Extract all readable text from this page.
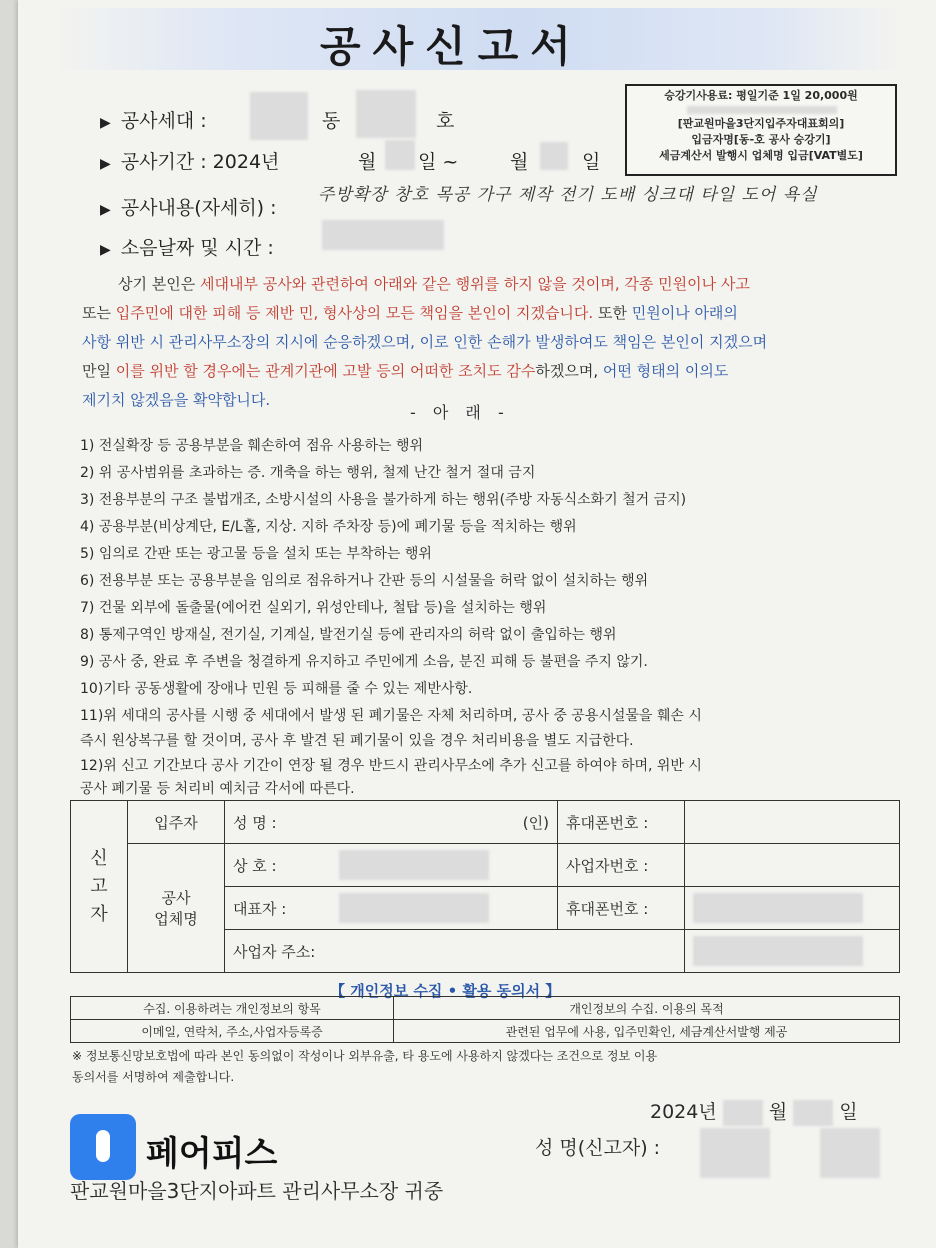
공사신고서
승강기사용료: 평일기준 1일 20,000원
[판교원마을3단지입주자대표회의]
입금자명[동-호 공사 승강기]
세금계산서 발행시 업체명 입금[VAT별도]
▶ 공사세대 :	동	호
▶ 공사기간 : 2024년	월 일 ~	월	일
▶ 공사내용(자세히) :
주방확장 창호 목공 가구 제작 전기 도배 싱크대 타일 도어 욕실
▶ 소음날짜 및 시간 :
상기 본인은 세대내부 공사와 관련하여 아래와 같은 행위를 하지 않을 것이며, 각종 민원이나 사고
또는 입주민에 대한 피해 등 제반 민, 형사상의 모든 책임을 본인이 지겠습니다. 또한 민원이나 아래의
사항 위반 시 관리사무소장의 지시에 순응하겠으며, 이로 인한 손해가 발생하여도 책임은 본인이 지겠으며
만일 이를 위반 할 경우에는 관계기관에 고발 등의 어떠한 조치도 감수하겠으며, 어떤 형태의 이의도
제기치 않겠음을 확약합니다.
- 아 래 -
1) 전실확장 등 공용부분을 훼손하여 점유 사용하는 행위
2) 위 공사범위를 초과하는 증. 개축을 하는 행위, 철제 난간 철거 절대 금지
3) 전용부분의 구조 불법개조, 소방시설의 사용을 불가하게 하는 행위(주방 자동식소화기 철거 금지)
4) 공용부분(비상계단, E/L홀, 지상. 지하 주차장 등)에 폐기물 등을 적치하는 행위
5) 임의로 간판 또는 광고물 등을 설치 또는 부착하는 행위
6) 전용부분 또는 공용부분을 임의로 점유하거나 간판 등의 시설물을 허락 없이 설치하는 행위
7) 건물 외부에 돌출물(에어컨 실외기, 위성안테나, 철탑 등)을 설치하는 행위
8) 통제구역인 방재실, 전기실, 기계실, 발전기실 등에 관리자의 허락 없이 출입하는 행위
9) 공사 중, 완료 후 주변을 청결하게 유지하고 주민에게 소음, 분진 피해 등 불편을 주지 않기.
10)기타 공동생활에 장애나 민원 등 피해를 줄 수 있는 제반사항.
11)위 세대의 공사를 시행 중 세대에서 발생 된 폐기물은 자체 처리하며, 공사 중 공용시설물을 훼손 시
즉시 원상복구를 할 것이며, 공사 후 발견 된 폐기물이 있을 경우 처리비용을 별도 지급한다.
12)위 신고 기간보다 공사 기간이 연장 될 경우 반드시 관리사무소에 추가 신고를 하여야 하며, 위반 시
공사 폐기물 등 처리비 예치금 각서에 따른다.
신
고
자	입주자	성 명 :	(인)	휴대폰번호 :	
	공사
업체명	상 호 :		사업자번호 :	
		대표자 :		휴대폰번호 :	

		사업자 주소:			
【 개인정보 수집 • 활용 동의서 】
수집. 이용하려는 개인정보의 항목	개인정보의 수집. 이용의 목적
이메일, 연락처, 주소,사업자등록증	관련된 업무에 사용, 입주민확인, 세금계산서발행 제공
※ 정보통신망보호법에 따라 본인 동의없이 작성이나 외부유출, 타 용도에 사용하지 않겠다는 조건으로 정보 이용
동의서를 서명하여 제출합니다.
2024년	월	일
성 명(신고자) :
페어피스
판교원마을3단지아파트 관리사무소장 귀중
